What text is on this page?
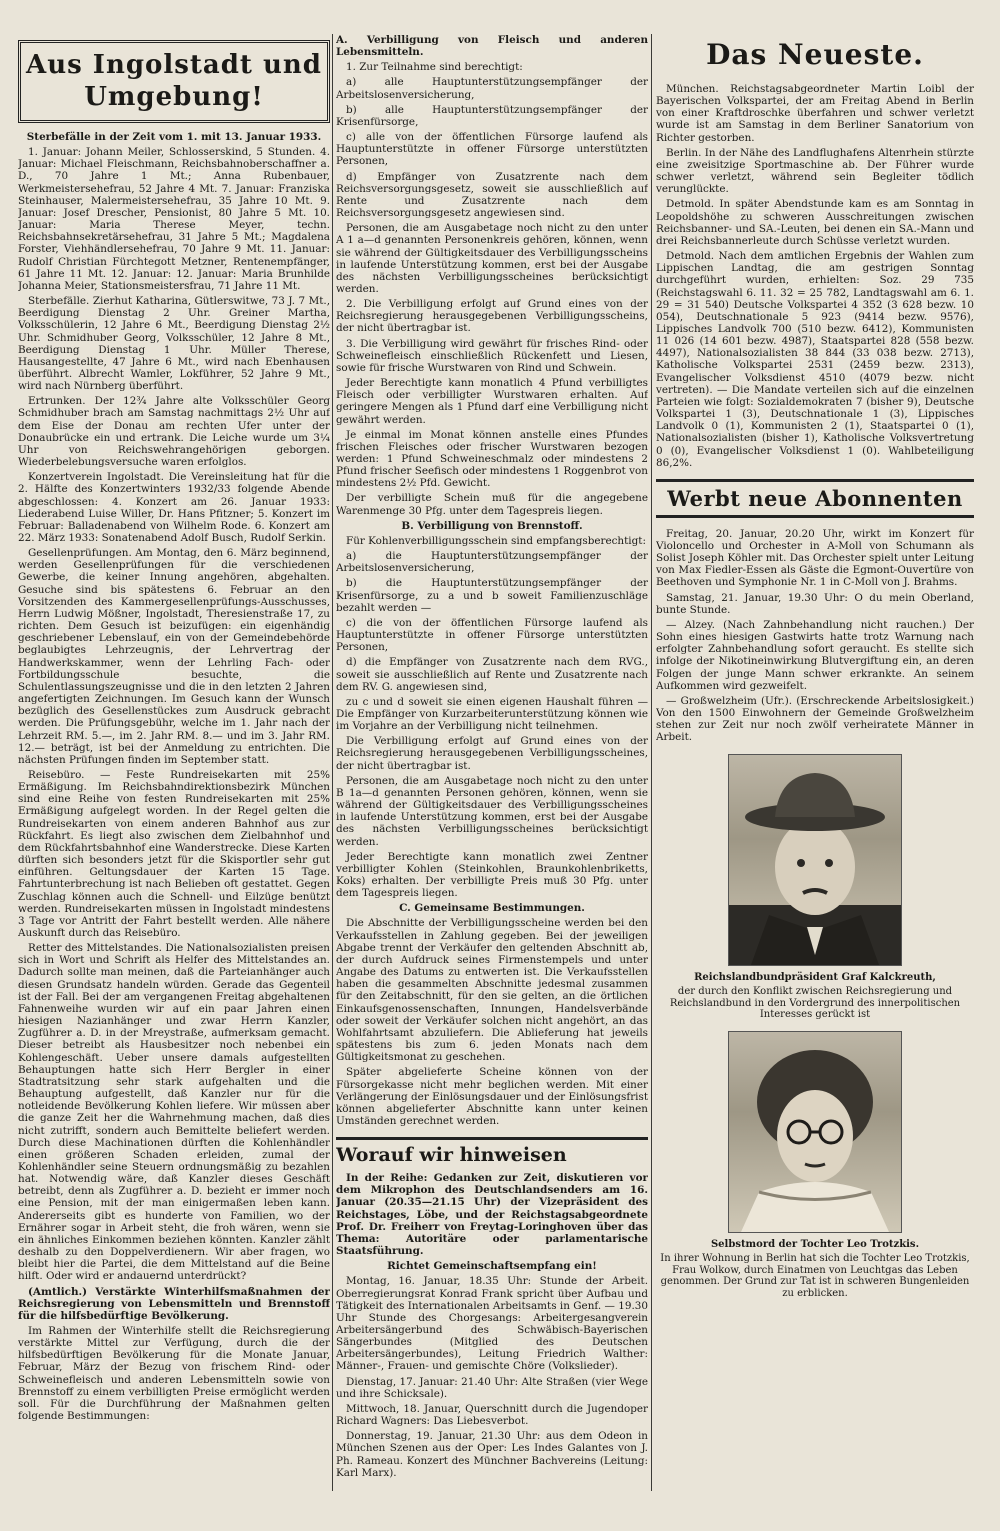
Aus Ingolstadt und Umgebung!

Sterbefälle in der Zeit vom 1. mit 13. Januar 1933.

1. Januar: Johann Meiler, Schlosserskind, 5 Stunden. 4. Januar: Michael Fleischmann, Reichsbahnoberschaffner a. D., 70 Jahre 1 Mt.; Anna Rubenbauer, Werkmeistersehefrau, 52 Jahre 4 Mt. 7. Januar: Franziska Steinhauser, Malermeistersehefrau, 35 Jahre 10 Mt. 9. Januar: Josef Drescher, Pensionist, 80 Jahre 5 Mt. 10. Januar: Maria Therese Meyer, techn. Reichsbahnsekretärsehefrau, 31 Jahre 5 Mt.; Magdalena Forster, Viehhändlersehefrau, 70 Jahre 9 Mt. 11. Januar: Rudolf Christian Fürchtegott Metzner, Rentenempfänger, 61 Jahre 11 Mt. 12. Januar: 12. Januar: Maria Brunhilde Johanna Meier, Stationsmeistersfrau, 71 Jahre 11 Mt.

Sterbefälle. Zierhut Katharina, Gütlerswitwe, 73 J. 7 Mt., Beerdigung Dienstag 2 Uhr. Greiner Martha, Volksschülerin, 12 Jahre 6 Mt., Beerdigung Dienstag 2½ Uhr. Schmidhuber Georg, Volksschüler, 12 Jahre 8 Mt., Beerdigung Dienstag 1 Uhr. Müller Therese, Hausangestellte, 47 Jahre 6 Mt., wird nach Ebenhausen überführt. Albrecht Wamler, Lokführer, 52 Jahre 9 Mt., wird nach Nürnberg überführt.

Ertrunken. Der 12¾ Jahre alte Volksschüler Georg Schmidhuber brach am Samstag nachmittags 2½ Uhr auf dem Eise der Donau am rechten Ufer unter der Donaubrücke ein und ertrank. Die Leiche wurde um 3¼ Uhr von Reichswehrangehörigen geborgen. Wiederbelebungsversuche waren erfolglos.

Konzertverein Ingolstadt. Die Vereinsleitung hat für die 2. Hälfte des Konzertwinters 1932/33 folgende Abende abgeschlossen: 4. Konzert am 26. Januar 1933: Liederabend Luise Willer, Dr. Hans Pfitzner; 5. Konzert im Februar: Balladenabend von Wilhelm Rode. 6. Konzert am 22. März 1933: Sonatenabend Adolf Busch, Rudolf Serkin.

Gesellenprüfungen. Am Montag, den 6. März beginnend, werden Gesellenprüfungen für die verschiedenen Gewerbe, die keiner Innung angehören, abgehalten. Gesuche sind bis spätestens 6. Februar an den Vorsitzenden des Kammergesellenprüfungs-Ausschusses, Herrn Ludwig Mößner, Ingolstadt, Theresienstraße 17, zu richten. Dem Gesuch ist beizufügen: ein eigenhändig geschriebener Lebenslauf, ein von der Gemeindebehörde beglaubigtes Lehrzeugnis, der Lehrvertrag der Handwerkskammer, wenn der Lehrling Fach- oder Fortbildungsschule besuchte, die Schulentlassungszeugnisse und die in den letzten 2 Jahren angefertigten Zeichnungen. Im Gesuch kann der Wunsch bezüglich des Gesellenstückes zum Ausdruck gebracht werden. Die Prüfungsgebühr, welche im 1. Jahr nach der Lehrzeit RM. 5.—, im 2. Jahr RM. 8.— und im 3. Jahr RM. 12.— beträgt, ist bei der Anmeldung zu entrichten. Die nächsten Prüfungen finden im September statt.

Reisebüro. — Feste Rundreisekarten mit 25% Ermäßigung. Im Reichsbahndirektionsbezirk München sind eine Reihe von festen Rundreisekarten mit 25% Ermäßigung aufgelegt worden. In der Regel gelten die Rundreisekarten von einem anderen Bahnhof aus zur Rückfahrt. Es liegt also zwischen dem Zielbahnhof und dem Rückfahrtsbahnhof eine Wanderstrecke. Diese Karten dürften sich besonders jetzt für die Skisportler sehr gut einführen. Geltungsdauer der Karten 15 Tage. Fahrtunterbrechung ist nach Belieben oft gestattet. Gegen Zuschlag können auch die Schnell- und Eilzüge benützt werden. Rundreisekarten müssen in Ingolstadt mindestens 3 Tage vor Antritt der Fahrt bestellt werden. Alle nähere Auskunft durch das Reisebüro.

Retter des Mittelstandes. Die Nationalsozialisten preisen sich in Wort und Schrift als Helfer des Mittelstandes an. Dadurch sollte man meinen, daß die Parteianhänger auch diesen Grundsatz handeln würden. Gerade das Gegenteil ist der Fall. Bei der am vergangenen Freitag abgehaltenen Fahnenweihe wurden wir auf ein paar Jahren einen hiesigen Nazianhänger und zwar Herrn Kanzler, Zugführer a. D. in der Mreystraße, aufmerksam gemacht. Dieser betreibt als Hausbesitzer noch nebenbei ein Kohlengeschäft. Ueber unsere damals aufgestellten Behauptungen hatte sich Herr Bergler in einer Stadtratsitzung sehr stark aufgehalten und die Behauptung aufgestellt, daß Kanzler nur für die notleidende Bevölkerung Kohlen liefere. Wir müssen aber die ganze Zeit her die Wahrnehmung machen, daß dies nicht zutrifft, sondern auch Bemittelte beliefert werden. Durch diese Machinationen dürften die Kohlenhändler einen größeren Schaden erleiden, zumal der Kohlenhändler seine Steuern ordnungsmäßig zu bezahlen hat. Notwendig wäre, daß Kanzler dieses Geschäft betreibt, denn als Zugführer a. D. bezieht er immer noch eine Pension, mit der man einigermaßen leben kann. Andererseits gibt es hunderte von Familien, wo der Ernährer sogar in Arbeit steht, die froh wären, wenn sie ein ähnliches Einkommen beziehen könnten. Kanzler zählt deshalb zu den Doppelverdienern. Wir aber fragen, wo bleibt hier die Partei, die dem Mittelstand auf die Beine hilft. Oder wird er andauernd unterdrückt?

(Amtlich.) Verstärkte Winterhilfsmaßnahmen der Reichsregierung von Lebensmitteln und Brennstoff für die hilfsbedürftige Bevölkerung.

Im Rahmen der Winterhilfe stellt die Reichsregierung verstärkte Mittel zur Verfügung, durch die der hilfsbedürftigen Bevölkerung für die Monate Januar, Februar, März der Bezug von frischem Rind- oder Schweinefleisch und anderen Lebensmitteln sowie von Brennstoff zu einem verbilligten Preise ermöglicht werden soll. Für die Durchführung der Maßnahmen gelten folgende Bestimmungen:

A. Verbilligung von Fleisch und anderen Lebensmitteln.

1. Zur Teilnahme sind berechtigt:

a) alle Hauptunterstützungsempfänger der Arbeitslosenversicherung,

b) alle Hauptunterstützungsempfänger der Krisenfürsorge,

c) alle von der öffentlichen Fürsorge laufend als Hauptunterstützte in offener Fürsorge unterstützten Personen,

d) Empfänger von Zusatzrente nach dem Reichsversorgungsgesetz, soweit sie ausschließlich auf Rente und Zusatzrente nach dem Reichsversorgungsgesetz angewiesen sind.

Personen, die am Ausgabetage noch nicht zu den unter A 1 a—d genannten Personenkreis gehören, können, wenn sie während der Gültigkeitsdauer des Verbilligungsscheins in laufende Unterstützung kommen, erst bei der Ausgabe des nächsten Verbilligungsscheines berücksichtigt werden.

2. Die Verbilligung erfolgt auf Grund eines von der Reichsregierung herausgegebenen Verbilligungsscheins, der nicht übertragbar ist.

3. Die Verbilligung wird gewährt für frisches Rind- oder Schweinefleisch einschließlich Rückenfett und Liesen, sowie für frische Wurstwaren von Rind und Schwein.

Jeder Berechtigte kann monatlich 4 Pfund verbilligtes Fleisch oder verbilligter Wurstwaren erhalten. Auf geringere Mengen als 1 Pfund darf eine Verbilligung nicht gewährt werden.

Je einmal im Monat können anstelle eines Pfundes frischen Fleisches oder frischer Wurstwaren bezogen werden: 1 Pfund Schweineschmalz oder mindestens 2 Pfund frischer Seefisch oder mindestens 1 Roggenbrot von mindestens 2½ Pfd. Gewicht.

Der verbilligte Schein muß für die angegebene Warenmenge 30 Pfg. unter dem Tagespreis liegen.

B. Verbilligung von Brennstoff.

Für Kohlenverbilligungsschein sind empfangsberechtigt:

a) die Hauptunterstützungsempfänger der Arbeitslosenversicherung,

b) die Hauptunterstützungsempfänger der Krisenfürsorge, zu a und b soweit Familienzuschläge bezahlt werden —

c) die von der öffentlichen Fürsorge laufend als Hauptunterstützte in offener Fürsorge unterstützten Personen,

d) die Empfänger von Zusatzrente nach dem RVG., soweit sie ausschließlich auf Rente und Zusatzrente nach dem RV. G. angewiesen sind,

zu c und d soweit sie einen eigenen Haushalt führen — Die Empfänger von Kurzarbeiterunterstützung können wie im Vorjahre an der Verbilligung nicht teilnehmen.

Die Verbilligung erfolgt auf Grund eines von der Reichsregierung herausgegebenen Verbilligungsscheines, der nicht übertragbar ist.

Personen, die am Ausgabetage noch nicht zu den unter B 1a—d genannten Personen gehören, können, wenn sie während der Gültigkeitsdauer des Verbilligungsscheines in laufende Unterstützung kommen, erst bei der Ausgabe des nächsten Verbilligungsscheines berücksichtigt werden.

Jeder Berechtigte kann monatlich zwei Zentner verbilligter Kohlen (Steinkohlen, Braunkohlenbriketts, Koks) erhalten. Der verbilligte Preis muß 30 Pfg. unter dem Tagespreis liegen.

C. Gemeinsame Bestimmungen.

Die Abschnitte der Verbilligungsscheine werden bei den Verkaufsstellen in Zahlung gegeben. Bei der jeweiligen Abgabe trennt der Verkäufer den geltenden Abschnitt ab, der durch Aufdruck seines Firmenstempels und unter Angabe des Datums zu entwerten ist. Die Verkaufsstellen haben die gesammelten Abschnitte jedesmal zusammen für den Zeitabschnitt, für den sie gelten, an die örtlichen Einkaufsgenossenschaften, Innungen, Handelsverbände oder soweit der Verkäufer solchen nicht angehört, an das Wohlfahrtsamt abzuliefern. Die Ablieferung hat jeweils spätestens bis zum 6. jeden Monats nach dem Gültigkeitsmonat zu geschehen.

Später abgelieferte Scheine können von der Fürsorgekasse nicht mehr beglichen werden. Mit einer Verlängerung der Einlösungsdauer und der Einlösungsfrist können abgelieferter Abschnitte kann unter keinen Umständen gerechnet werden.

Worauf wir hinweisen

In der Reihe: Gedanken zur Zeit, diskutieren vor dem Mikrophon des Deutschlandsenders am 16. Januar (20.35—21.15 Uhr) der Vizepräsident des Reichstages, Löbe, und der Reichstagsabgeordnete Prof. Dr. Freiherr von Freytag-Loringhoven über das Thema: Autoritäre oder parlamentarische Staatsführung.

Richtet Gemeinschaftsempfang ein!

Montag, 16. Januar, 18.35 Uhr: Stunde der Arbeit. Oberregierungsrat Konrad Frank spricht über Aufbau und Tätigkeit des Internationalen Arbeitsamts in Genf. — 19.30 Uhr Stunde des Chorgesangs: Arbeitergesangverein Arbeitersängerbund des Schwäbisch-Bayerischen Sängerbundes (Mitglied des Deutschen Arbeitersängerbundes), Leitung Friedrich Walther: Männer-, Frauen- und gemischte Chöre (Volkslieder).

Dienstag, 17. Januar: 21.40 Uhr: Alte Straßen (vier Wege und ihre Schicksale).

Mittwoch, 18. Januar, Querschnitt durch die Jugendoper Richard Wagners: Das Liebesverbot.

Donnerstag, 19. Januar, 21.30 Uhr: aus dem Odeon in München Szenen aus der Oper: Les Indes Galantes von J. Ph. Rameau. Konzert des Münchner Bachvereins (Leitung: Karl Marx).

Das Neueste.

München. Reichstagsabgeordneter Martin Loibl der Bayerischen Volkspartei, der am Freitag Abend in Berlin von einer Kraftdroschke überfahren und schwer verletzt wurde ist am Samstag in dem Berliner Sanatorium von Richter gestorben.

Berlin. In der Nähe des Landflughafens Altenrhein stürzte eine zweisitzige Sportmaschine ab. Der Führer wurde schwer verletzt, während sein Begleiter tödlich verunglückte.

Detmold. In später Abendstunde kam es am Sonntag in Leopoldshöhe zu schweren Ausschreitungen zwischen Reichsbanner- und SA.-Leuten, bei denen ein SA.-Mann und drei Reichsbannerleute durch Schüsse verletzt wurden.

Detmold. Nach dem amtlichen Ergebnis der Wahlen zum Lippischen Landtag, die am gestrigen Sonntag durchgeführt wurden, erhielten: Soz. 29 735 (Reichstagswahl 6. 11. 32 = 25 782, Landtagswahl am 6. 1. 29 = 31 540) Deutsche Volkspartei 4 352 (3 628 bezw. 10 054), Deutschnationale 5 923 (9414 bezw. 9576), Lippisches Landvolk 700 (510 bezw. 6412), Kommunisten 11 026 (14 601 bezw. 4987), Staatspartei 828 (558 bezw. 4497), Nationalsozialisten 38 844 (33 038 bezw. 2713), Katholische Volkspartei 2531 (2459 bezw. 2313), Evangelischer Volksdienst 4510 (4079 bezw. nicht vertreten). — Die Mandate verteilen sich auf die einzelnen Parteien wie folgt: Sozialdemokraten 7 (bisher 9), Deutsche Volkspartei 1 (3), Deutschnationale 1 (3), Lippisches Landvolk 0 (1), Kommunisten 2 (1), Staatspartei 0 (1), Nationalsozialisten (bisher 1), Katholische Volksvertretung 0 (0), Evangelischer Volksdienst 1 (0). Wahlbeteiligung 86,2%.

Werbt neue Abonnenten

Freitag, 20. Januar, 20.20 Uhr, wirkt im Konzert für Violoncello und Orchester in A-Moll von Schumann als Solist Joseph Köhler mit. Das Orchester spielt unter Leitung von Max Fiedler-Essen als Gäste die Egmont-Ouvertüre von Beethoven und Symphonie Nr. 1 in C-Moll von J. Brahms.

Samstag, 21. Januar, 19.30 Uhr: O du mein Oberland, bunte Stunde.

— Alzey. (Nach Zahnbehandlung nicht rauchen.) Der Sohn eines hiesigen Gastwirts hatte trotz Warnung nach erfolgter Zahnbehandlung sofort geraucht. Es stellte sich infolge der Nikotineinwirkung Blutvergiftung ein, an deren Folgen der junge Mann schwer erkrankte. An seinem Aufkommen wird gezweifelt.

— Großwelzheim (Ufr.). (Erschreckende Arbeitslosigkeit.) Von den 1500 Einwohnern der Gemeinde Großwelzheim stehen zur Zeit nur noch zwölf verheiratete Männer in Arbeit.

Reichslandbundpräsident Graf Kalckreuth,

der durch den Konflikt zwischen Reichsregierung und Reichslandbund in den Vordergrund des innerpolitischen Interesses gerückt ist

Selbstmord der Tochter Leo Trotzkis.

In ihrer Wohnung in Berlin hat sich die Tochter Leo Trotzkis, Frau Wolkow, durch Einatmen von Leuchtgas das Leben genommen. Der Grund zur Tat ist in schweren Bungenleiden zu erblicken.
